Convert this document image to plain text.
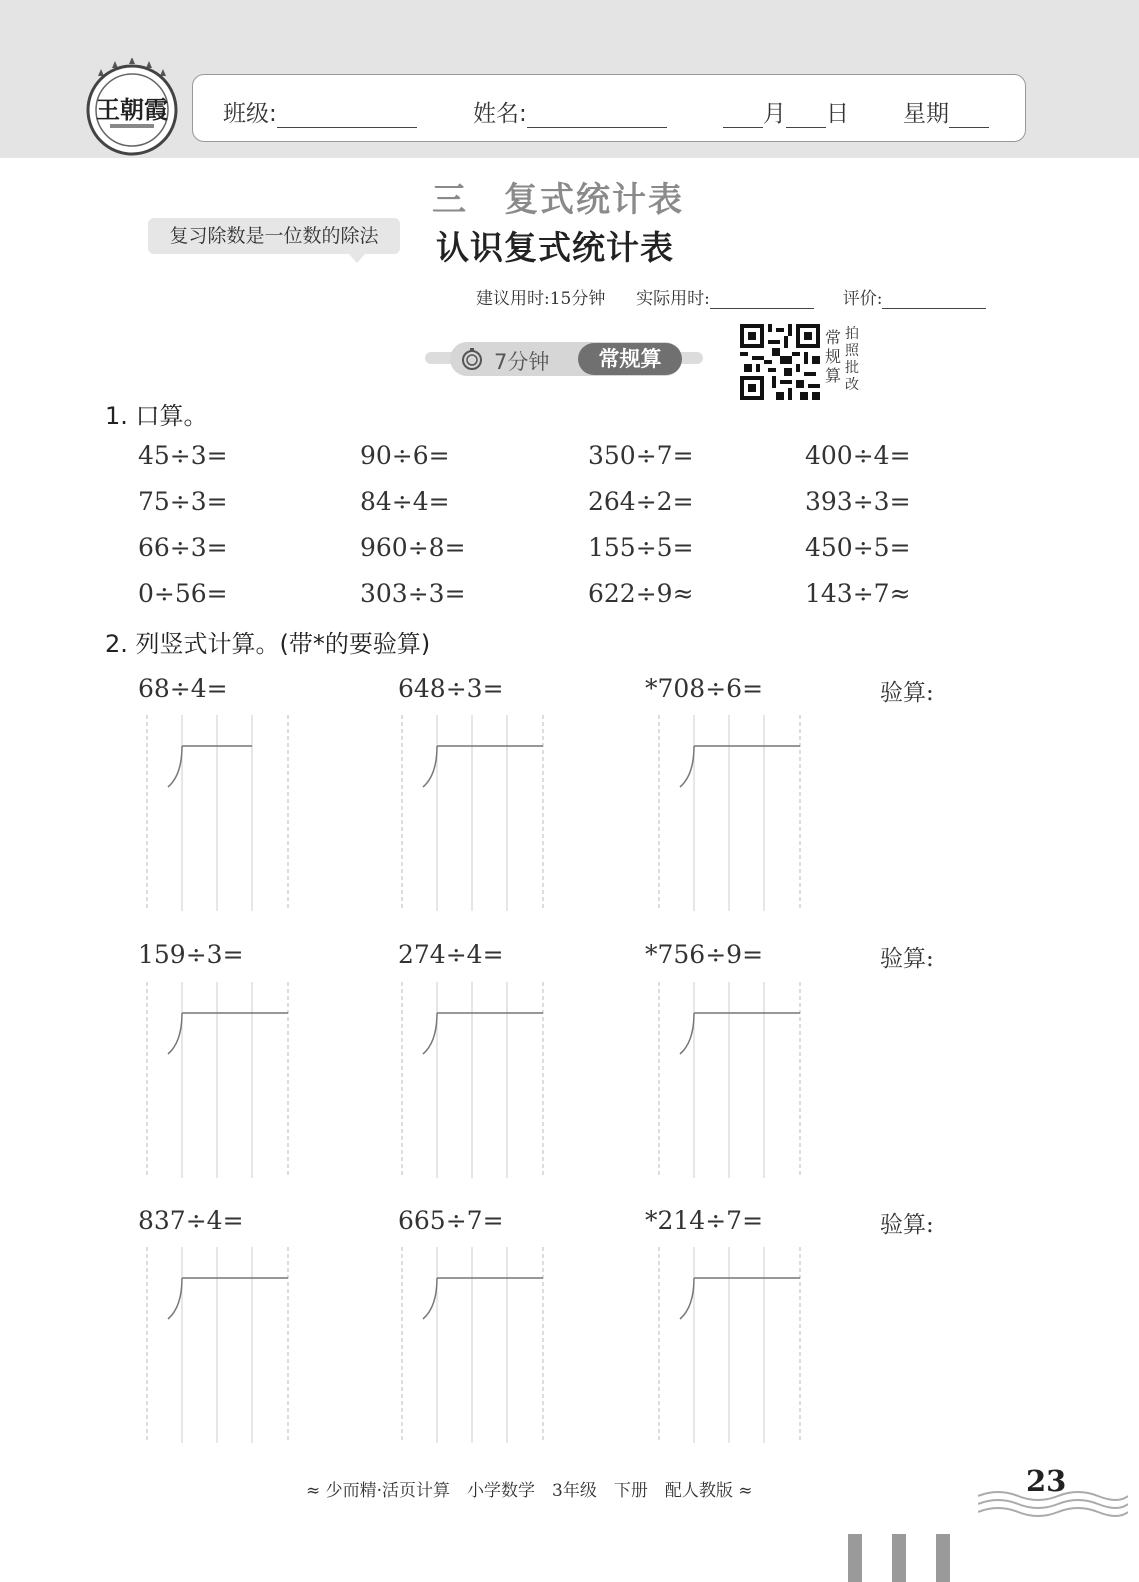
王朝霞 班级:	姓名:	月 日 星期
三　复式统计表
复习除数是一位数的除法	认识复式统计表
建议用时:15分钟 实际用时:	评价:
7分钟	常规算
常规算
拍照批改
1. 口算。
45÷3=	90÷6=	350÷7=	400÷4=
75÷3=	84÷4=	264÷2=	393÷3=
66÷3=	960÷8=	155÷5=	450÷5=
0÷56=	303÷3=	622÷9≈	143÷7≈
2. 列竖式计算。(带*的要验算)
68÷4=	648÷3=	*708÷6=	验算:
159÷3=	274÷4=	*756÷9=	验算:
837÷4=	665÷7=	*214÷7=	验算:
≈ 少而精·活页计算　小学数学　3年级　下册　配人教版 ≈	23
